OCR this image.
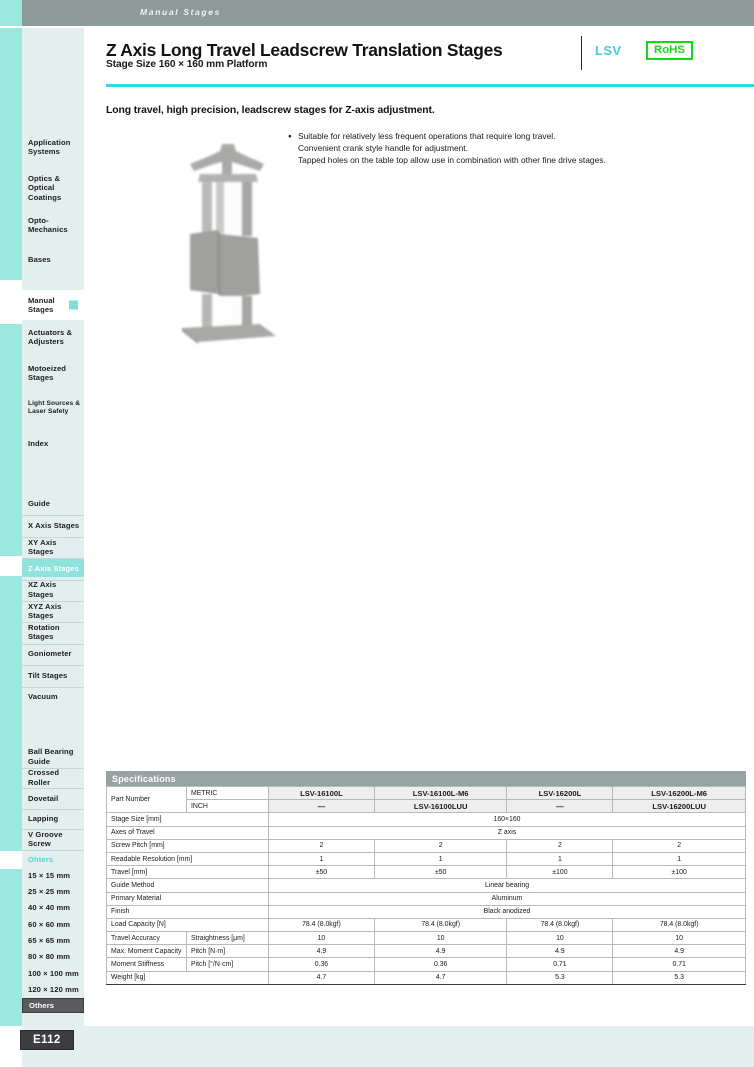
Application Systems
Optics & Optical Coatings
Opto-Mechanics
Bases
Manual Stages
Actuators & Adjusters
Motoeized Stages
Light Sources & Laser Safety
Index
Guide
X Axis Stages
XY Axis Stages
Z Axis Stages
XZ Axis Stages
XYZ Axis Stages
Rotation Stages
Goniometer
Tilt Stages
Vacuum
Ball Bearing Guide
Crossed Roller
Dovetail
Lapping
V Groove Screw
Ohters
15 × 15 mm
25 × 25 mm
40 × 40 mm
60 × 60 mm
65 × 65 mm
80 × 80 mm
100 × 100 mm
120 × 120 mm
Others
Manual Stages
Z Axis Long Travel Leadscrew Translation Stages
Stage Size 160 × 160 mm Platform
LSV	RoHS
Long travel, high precision, leadscrew stages for Z-axis adjustment.
● Suitable for relatively less frequent operations that require long travel.
● Convenient crank style handle for adjustment.
● Tapped holes on the table top allow use in combination with other fine drive stages.
Specifications
Part Number	METRIC	LSV-16100L	LSV-16100L-M6	LSV-16200L	LSV-16200L-M6
	INCH	—	LSV-16100LUU	—	LSV-16200LUU
Stage Size [mm]		160×160			
Axes of Travel		Z axis			
Screw Pitch [mm]		2	2	2	2
Readable Resolution [mm]		1	1	1	1
Travel [mm]		±50	±50	±100	±100
Guide Method		Linear bearing			
Primary Material		Aluminum			
Finish		Black anodized			
Load Capacity [N]		78.4 (8.0kgf)	78.4 (8.0kgf)	78.4 (8.0kgf)	78.4 (8.0kgf)
Travel Accuracy	Straightness [μm]	10	10	10	10
Max. Moment Capacity	Pitch [N·m]	4.9	4.9	4.9	4.9
Moment Stiffness	Pitch [°/N·cm]	0.36	0.36	0.71	0.71
Weight [kg]		4.7	4.7	5.3	5.3
E112
